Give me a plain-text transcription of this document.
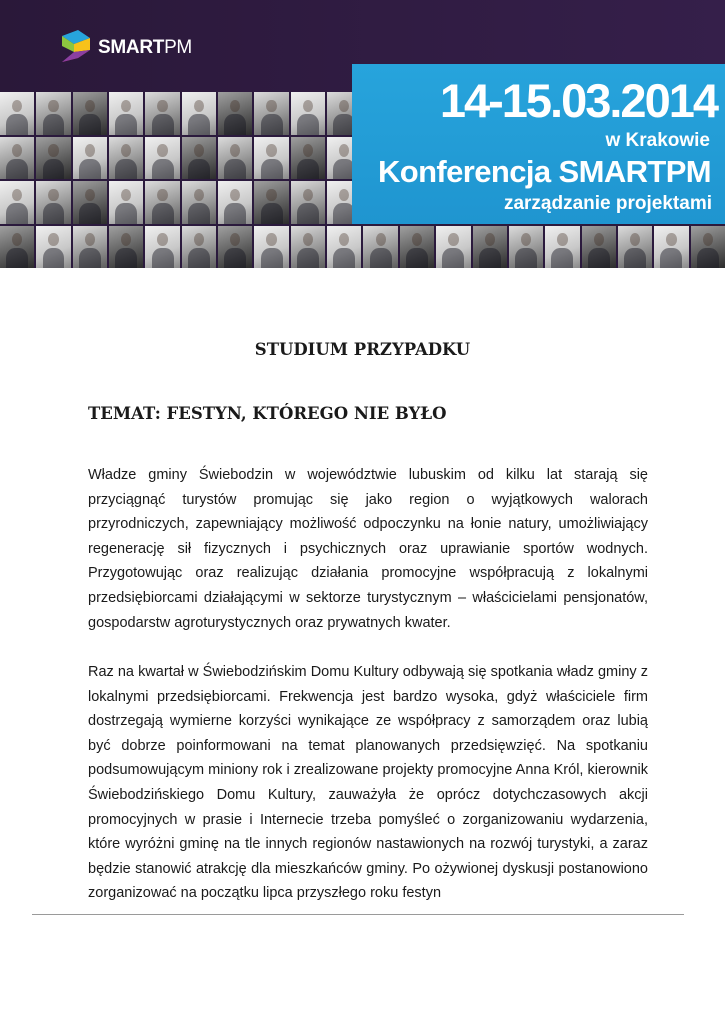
SMARTPM
14-15.03.2014
w Krakowie
Konferencja SMARTPM
zarządzanie projektami
STUDIUM PRZYPADKU
TEMAT: FESTYN, KTÓREGO NIE BYŁO
Władze gminy Świebodzin w województwie lubuskim od kilku lat starają się przyciągnąć turystów promując się jako region o wyjątkowych walorach przyrodniczych, zapewniający możliwość odpoczynku na łonie natury, umożliwiający regenerację sił fizycznych i psychicznych oraz uprawianie sportów wodnych. Przygotowując oraz realizując działania promocyjne współpracują z lokalnymi przedsiębiorcami działającymi w sektorze turystycznym – właścicielami pensjonatów, gospodarstw agroturystycznych oraz prywatnych kwater.
Raz na kwartał w Świebodzińskim Domu Kultury odbywają się spotkania władz gminy z lokalnymi przedsiębiorcami. Frekwencja jest bardzo wysoka, gdyż właściciele firm dostrzegają wymierne korzyści wynikające ze współpracy z samorządem oraz lubią być dobrze poinformowani na temat planowanych przedsięwzięć. Na spotkaniu podsumowującym miniony rok i zrealizowane projekty promocyjne Anna Król, kierownik Świebodzińskiego Domu Kultury, zauważyła że oprócz dotychczasowych akcji promocyjnych w prasie i Internecie trzeba pomyśleć o zorganizowaniu wydarzenia, które wyróżni gminę na tle innych regionów nastawionych na rozwój turystyki, a zaraz będzie stanowić atrakcję dla mieszkańców gminy. Po ożywionej dyskusji postanowiono zorganizować na początku lipca przyszłego roku festyn
